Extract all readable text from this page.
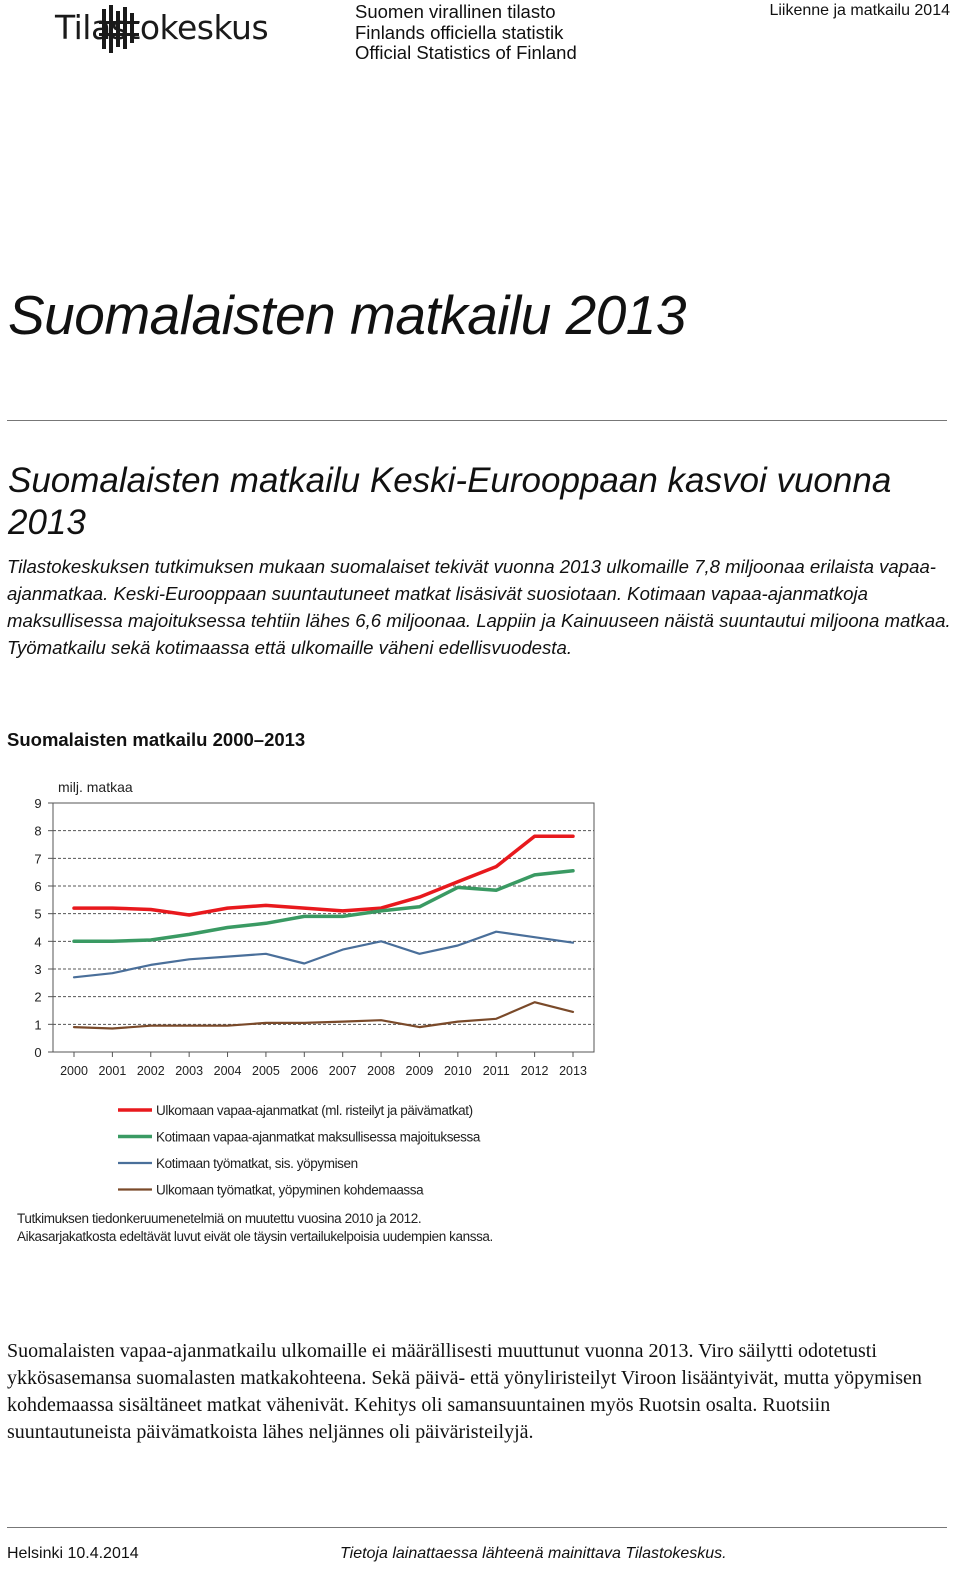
Tilastokeskus	Suomen virallinen tilasto
Finlands officiella statistik
Official Statistics of Finland
Liikenne ja matkailu 2014
Suomalaisten matkailu 2013
Suomalaisten matkailu Keski-Eurooppaan kasvoi vuonna 2013
Tilastokeskuksen tutkimuksen mukaan suomalaiset tekivät vuonna 2013 ulkomaille 7,8 miljoonaa erilaista vapaa-ajanmatkaa. Keski-Eurooppaan suuntautuneet matkat lisäsivät suosiotaan. Kotimaan vapaa-ajanmatkoja maksullisessa majoituksessa tehtiin lähes 6,6 miljoonaa. Lappiin ja Kainuuseen näistä suuntautui miljoona matkaa. Työmatkailu sekä kotimaassa että ulkomaille väheni edellisvuodesta.
Suomalaisten matkailu 2000–2013
0
1
2
3
4
5
6
7
8
9
2000 2001 2002 2003 2004 2005 2006 2007 2008 2009 2010 2011 2012 2013
milj. matkaa
Ulkomaan vapaa-ajanmatkat (ml. risteilyt ja päivämatkat)
Kotimaan vapaa-ajanmatkat maksullisessa majoituksessa
Kotimaan työmatkat, sis. yöpymisen
Ulkomaan työmatkat, yöpyminen kohdemaassa
Tutkimuksen tiedonkeruumenetelmiä on muutettu vuosina 2010 ja 2012.
Aikasarjakatkosta edeltävät luvut eivät ole täysin vertailukelpoisia uudempien kanssa.
Suomalaisten vapaa-ajanmatkailu ulkomaille ei määrällisesti muuttunut vuonna 2013. Viro säilytti odotetusti ykkösasemansa suomalasten matkakohteena. Sekä päivä- että yönyliristeilyt Viroon lisääntyivät, mutta yöpymisen kohdemaassa sisältäneet matkat vähenivät. Kehitys oli samansuuntainen myös Ruotsin osalta. Ruotsiin suuntautuneista päivämatkoista lähes neljännes oli päiväristeilyjä.
Helsinki 10.4.2014	Tietoja lainattaessa lähteenä mainittava Tilastokeskus.
